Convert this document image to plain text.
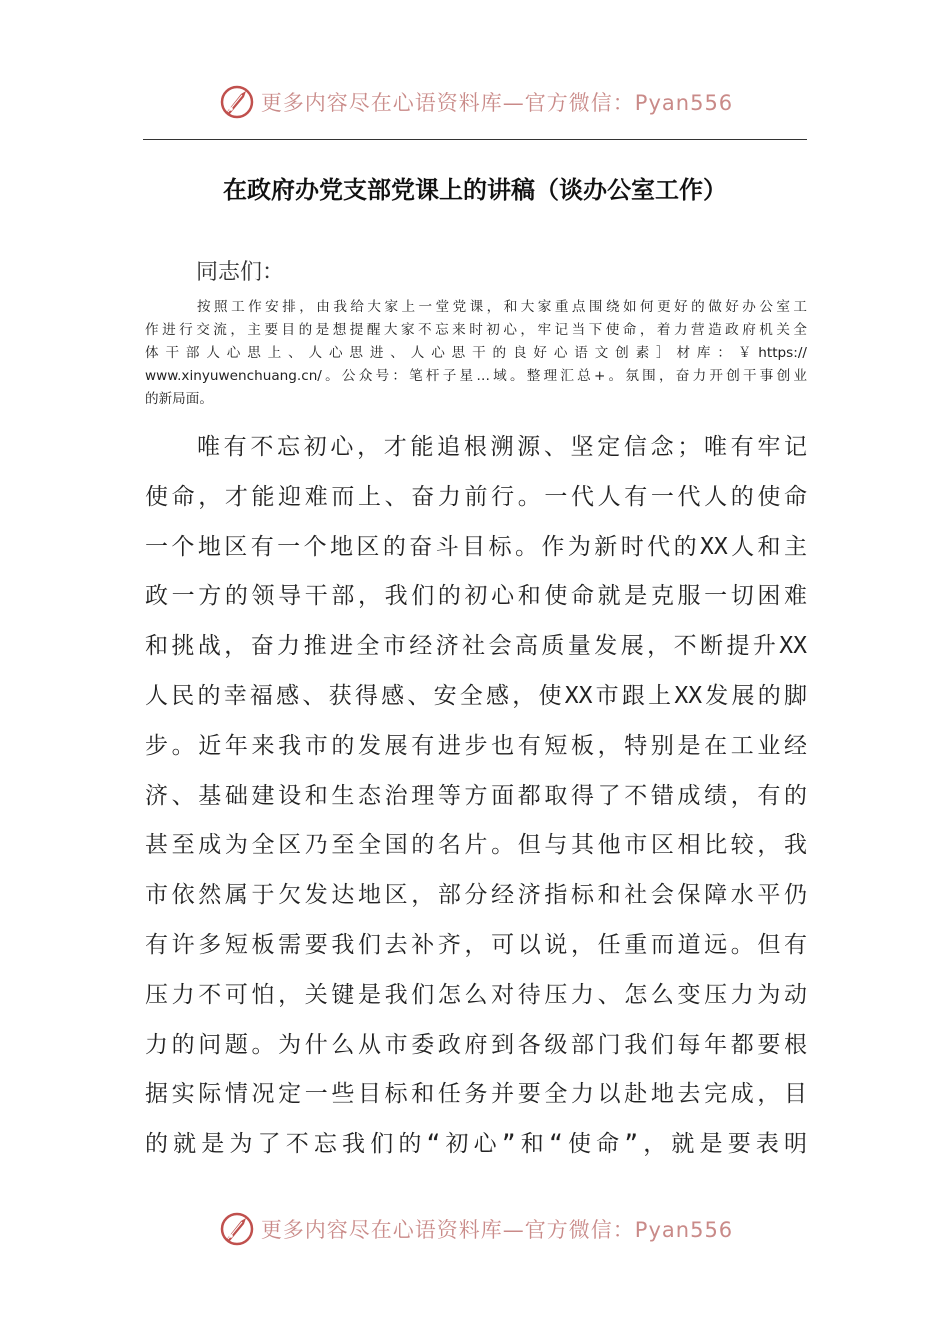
更多内容尽在心语资料库—官方微信：Pyan556
在政府办党支部党课上的讲稿（谈办公室工作）
同志们：
按照工作安排，由我给大家上一堂党课，和大家重点围绕如何更好的做好办公室工
作进行交流，主要目的是想提醒大家不忘来时初心，牢记当下使命，着力营造政府机关全
体干部人心思上、人心思进、人心思干的良好心语文创素］材库：￥https://
www.xinyuwenchuang.cn/。公众号：笔杆子星…域。整理汇总+。氛围，奋力开创干事创业
的新局面。
唯有不忘初心，才能追根溯源、坚定信念；唯有牢记
使命，才能迎难而上、奋力前行。一代人有一代人的使命
一个地区有一个地区的奋斗目标。作为新时代的XX人和主
政一方的领导干部，我们的初心和使命就是克服一切困难
和挑战，奋力推进全市经济社会高质量发展，不断提升XX
人民的幸福感、获得感、安全感，使XX市跟上XX发展的脚
步。近年来我市的发展有进步也有短板，特别是在工业经
济、基础建设和生态治理等方面都取得了不错成绩，有的
甚至成为全区乃至全国的名片。但与其他市区相比较，我
市依然属于欠发达地区，部分经济指标和社会保障水平仍
有许多短板需要我们去补齐，可以说，任重而道远。但有
压力不可怕，关键是我们怎么对待压力、怎么变压力为动
力的问题。为什么从市委政府到各级部门我们每年都要根
据实际情况定一些目标和任务并要全力以赴地去完成，目
的就是为了不忘我们的“初心”和“使命”，就是要表明
更多内容尽在心语资料库—官方微信：Pyan556
